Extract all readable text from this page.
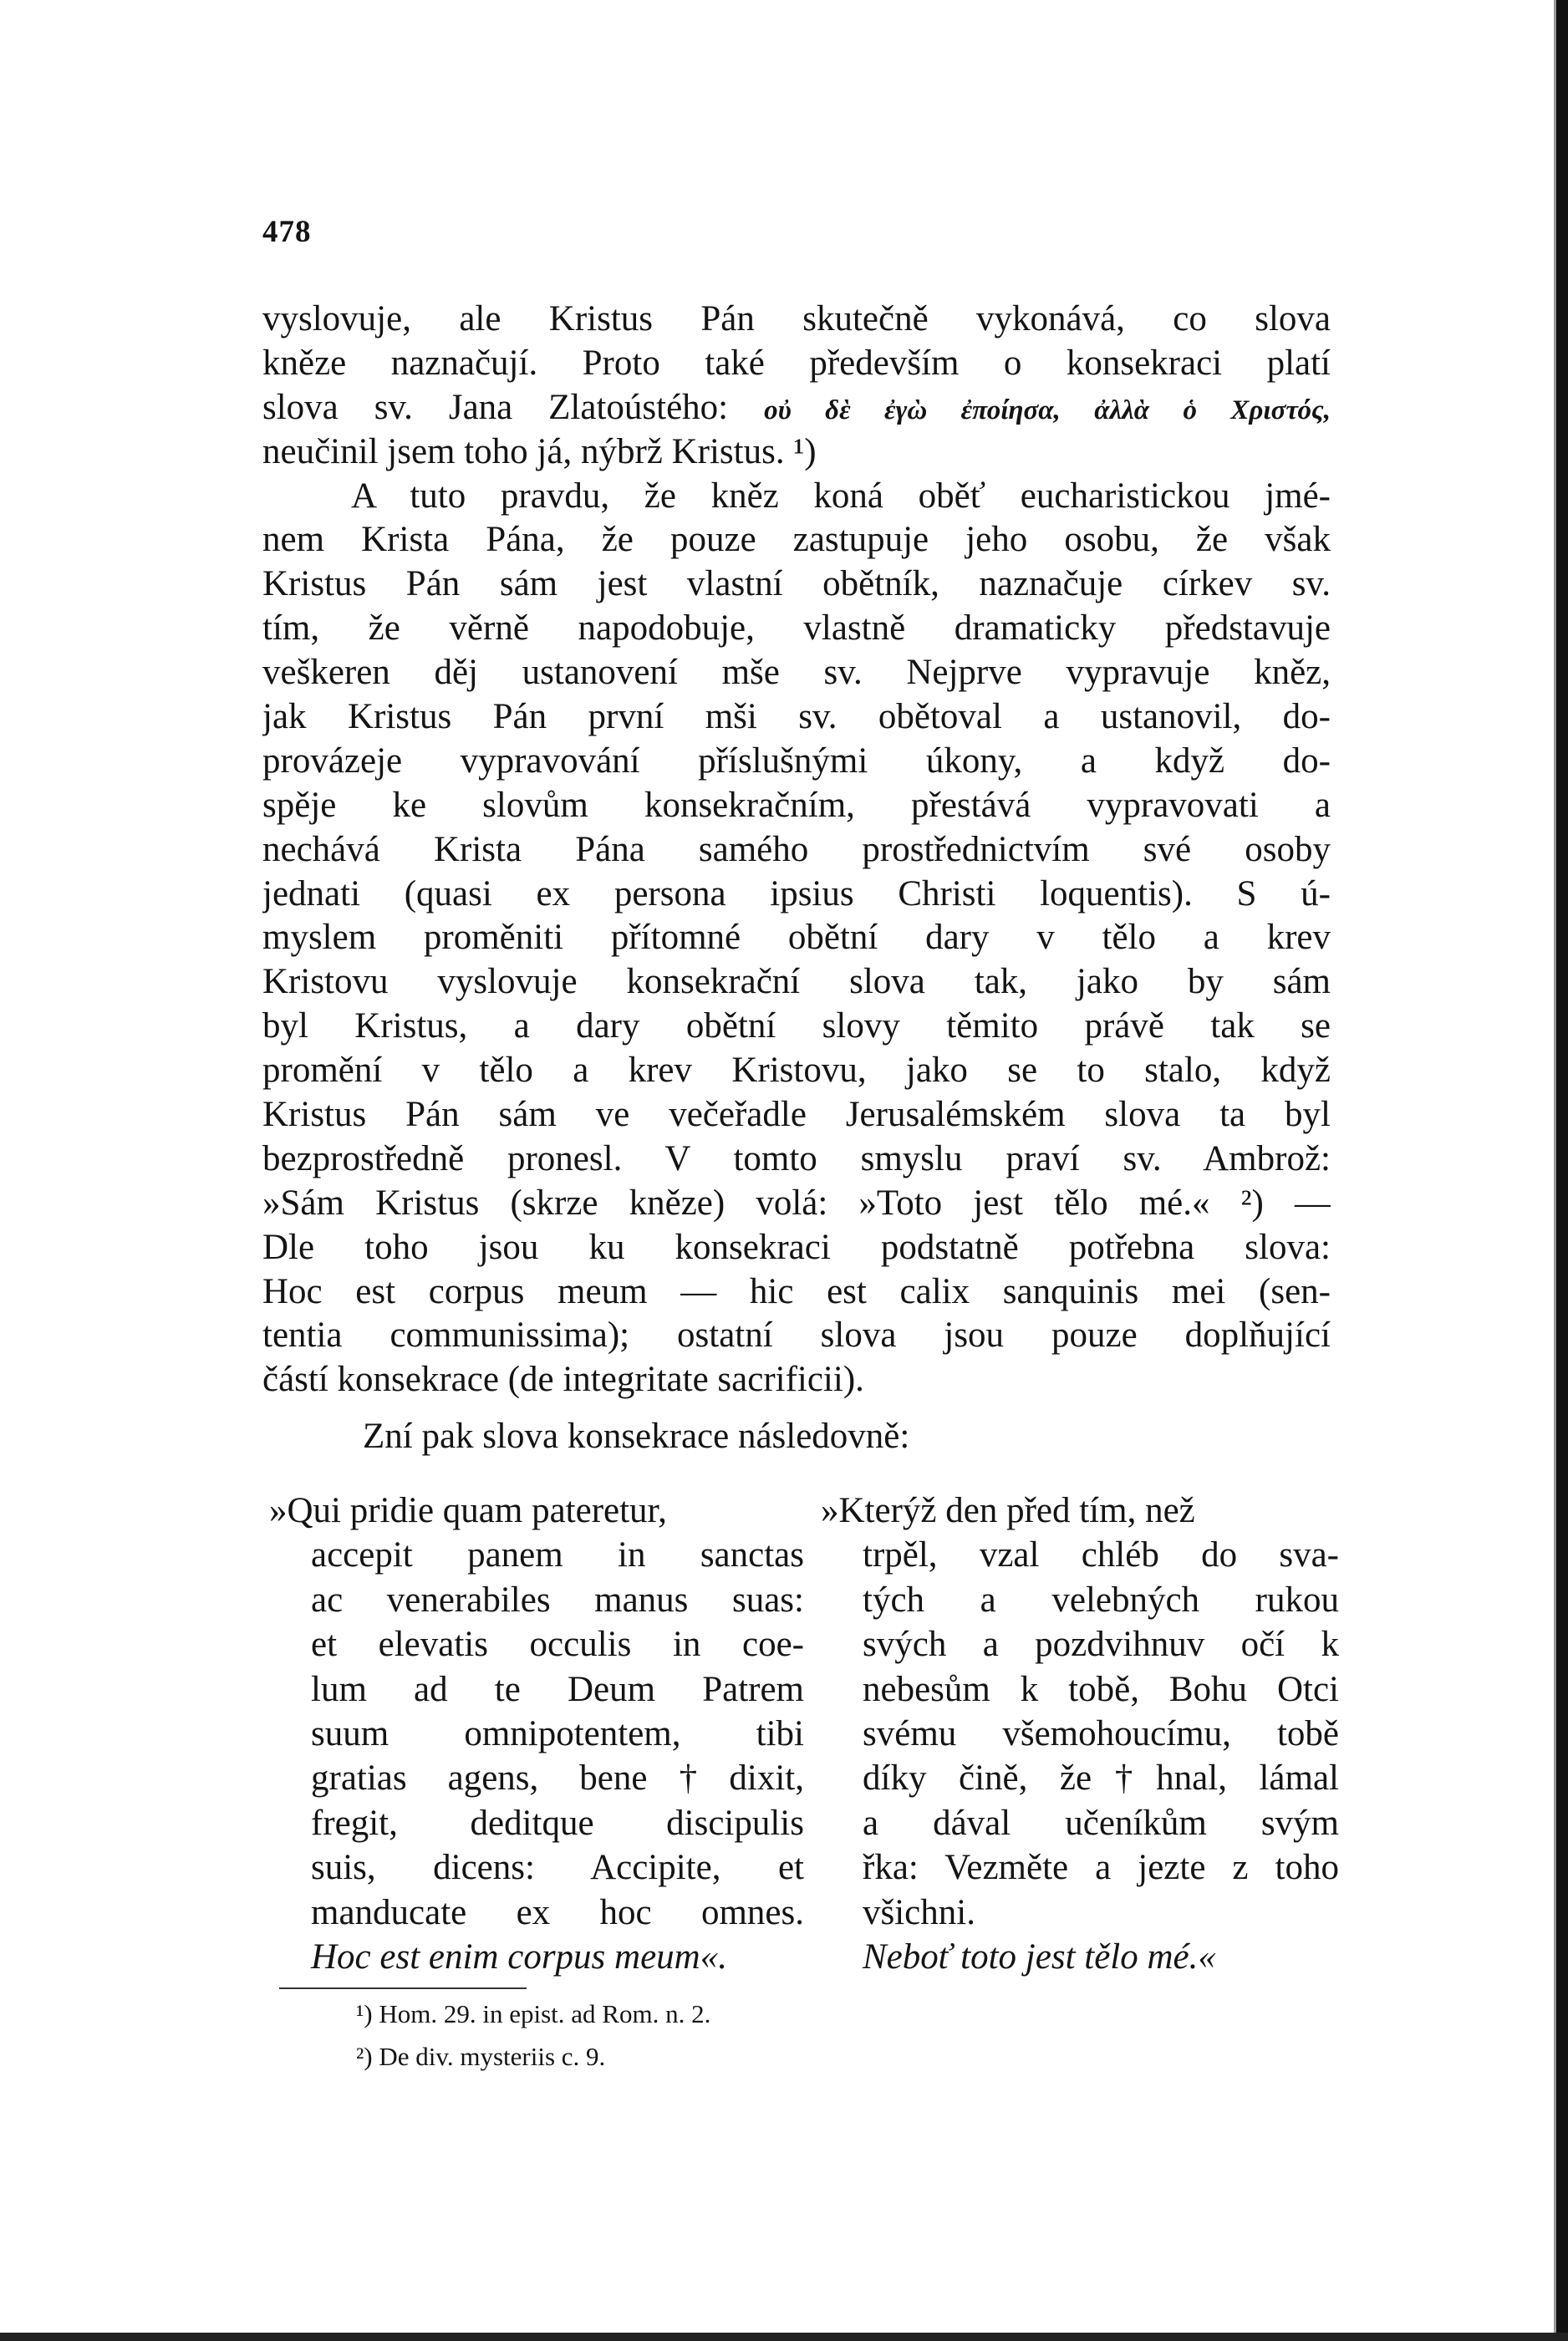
478
vyslovuje, ale Kristus Pán skutečně vykonává, co slova
kněze naznačují. Proto také především o konsekraci platí
slova sv. Jana Zlatoústého: οὐ δὲ ἐγὼ ἐποίησα, ἀλλὰ ὁ Χριστός,
neučinil jsem toho já, nýbrž Kristus. ¹)
A tuto pravdu, že kněz koná oběť eucharistickou jmé-
nem Krista Pána, že pouze zastupuje jeho osobu, že však
Kristus Pán sám jest vlastní obětník, naznačuje církev sv.
tím, že věrně napodobuje, vlastně dramaticky představuje
veškeren děj ustanovení mše sv. Nejprve vypravuje kněz,
jak Kristus Pán první mši sv. obětoval a ustanovil, do-
provázeje vypravování příslušnými úkony, a když do-
spěje ke slovům konsekračním, přestává vypravovati a
nechává Krista Pána samého prostřednictvím své osoby
jednati (quasi ex persona ipsius Christi loquentis). S ú-
myslem proměniti přítomné obětní dary v tělo a krev
Kristovu vyslovuje konsekrační slova tak, jako by sám
byl Kristus, a dary obětní slovy těmito právě tak se
promění v tělo a krev Kristovu, jako se to stalo, když
Kristus Pán sám ve večeřadle Jerusalémském slova ta byl
bezprostředně pronesl. V tomto smyslu praví sv. Ambrož:
»Sám Kristus (skrze kněze) volá: »Toto jest tělo mé.« ²) —
Dle toho jsou ku konsekraci podstatně potřebna slova:
Hoc est corpus meum — hic est calix sanquinis mei (sen-
tentia communissima); ostatní slova jsou pouze doplňující
částí konsekrace (de integritate sacrificii).
Zní pak slova konsekrace následovně:
»Qui pridie quam pateretur,
accepit panem in sanctas
ac venerabiles manus suas:
et elevatis occulis in coe-
lum ad te Deum Patrem
suum omnipotentem, tibi
gratias agens, bene†dixit,
fregit, deditque discipulis
suis, dicens: Accipite, et
manducate ex hoc omnes.
Hoc est enim corpus meum«.
»Kterýž den před tím, než
trpěl, vzal chléb do sva-
tých a velebných rukou
svých a pozdvihnuv očí k
nebesům k tobě, Bohu Otci
svému všemohoucímu, tobě
díky čině, že†hnal, lámal
a dával učeníkům svým
řka: Vezměte a jezte z toho
všichni.
Neboť toto jest tělo mé.«
¹) Hom. 29. in epist. ad Rom. n. 2.
²) De div. mysteriis c. 9.
